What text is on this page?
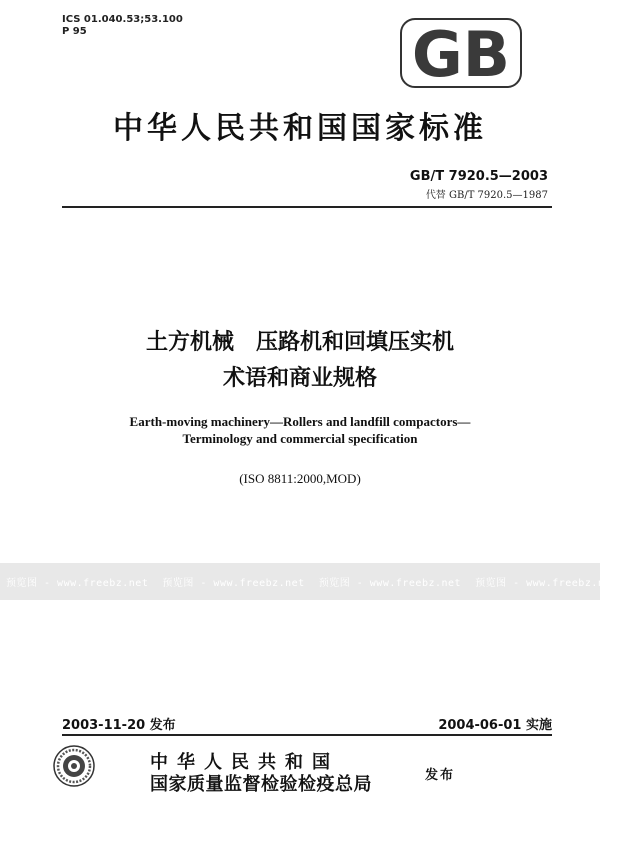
ICS 01.040.53;53.100
P 95	GB
中华人民共和国国家标准
GB/T 7920.5—2003
代替 GB/T 7920.5—1987
土方机械　压路机和回填压实机
术语和商业规格
Earth-moving machinery—Rollers and landfill compactors—
Terminology and commercial specification
(ISO 8811:2000,MOD)
预览图 - www.freebz.net	预览图 - www.freebz.net	预览图 - www.freebz.net	预览图 - www.freebz.net
2003-11-20 发布	2004-06-01 实施
中华人民共和国
国家质量监督检验检疫总局	发布
